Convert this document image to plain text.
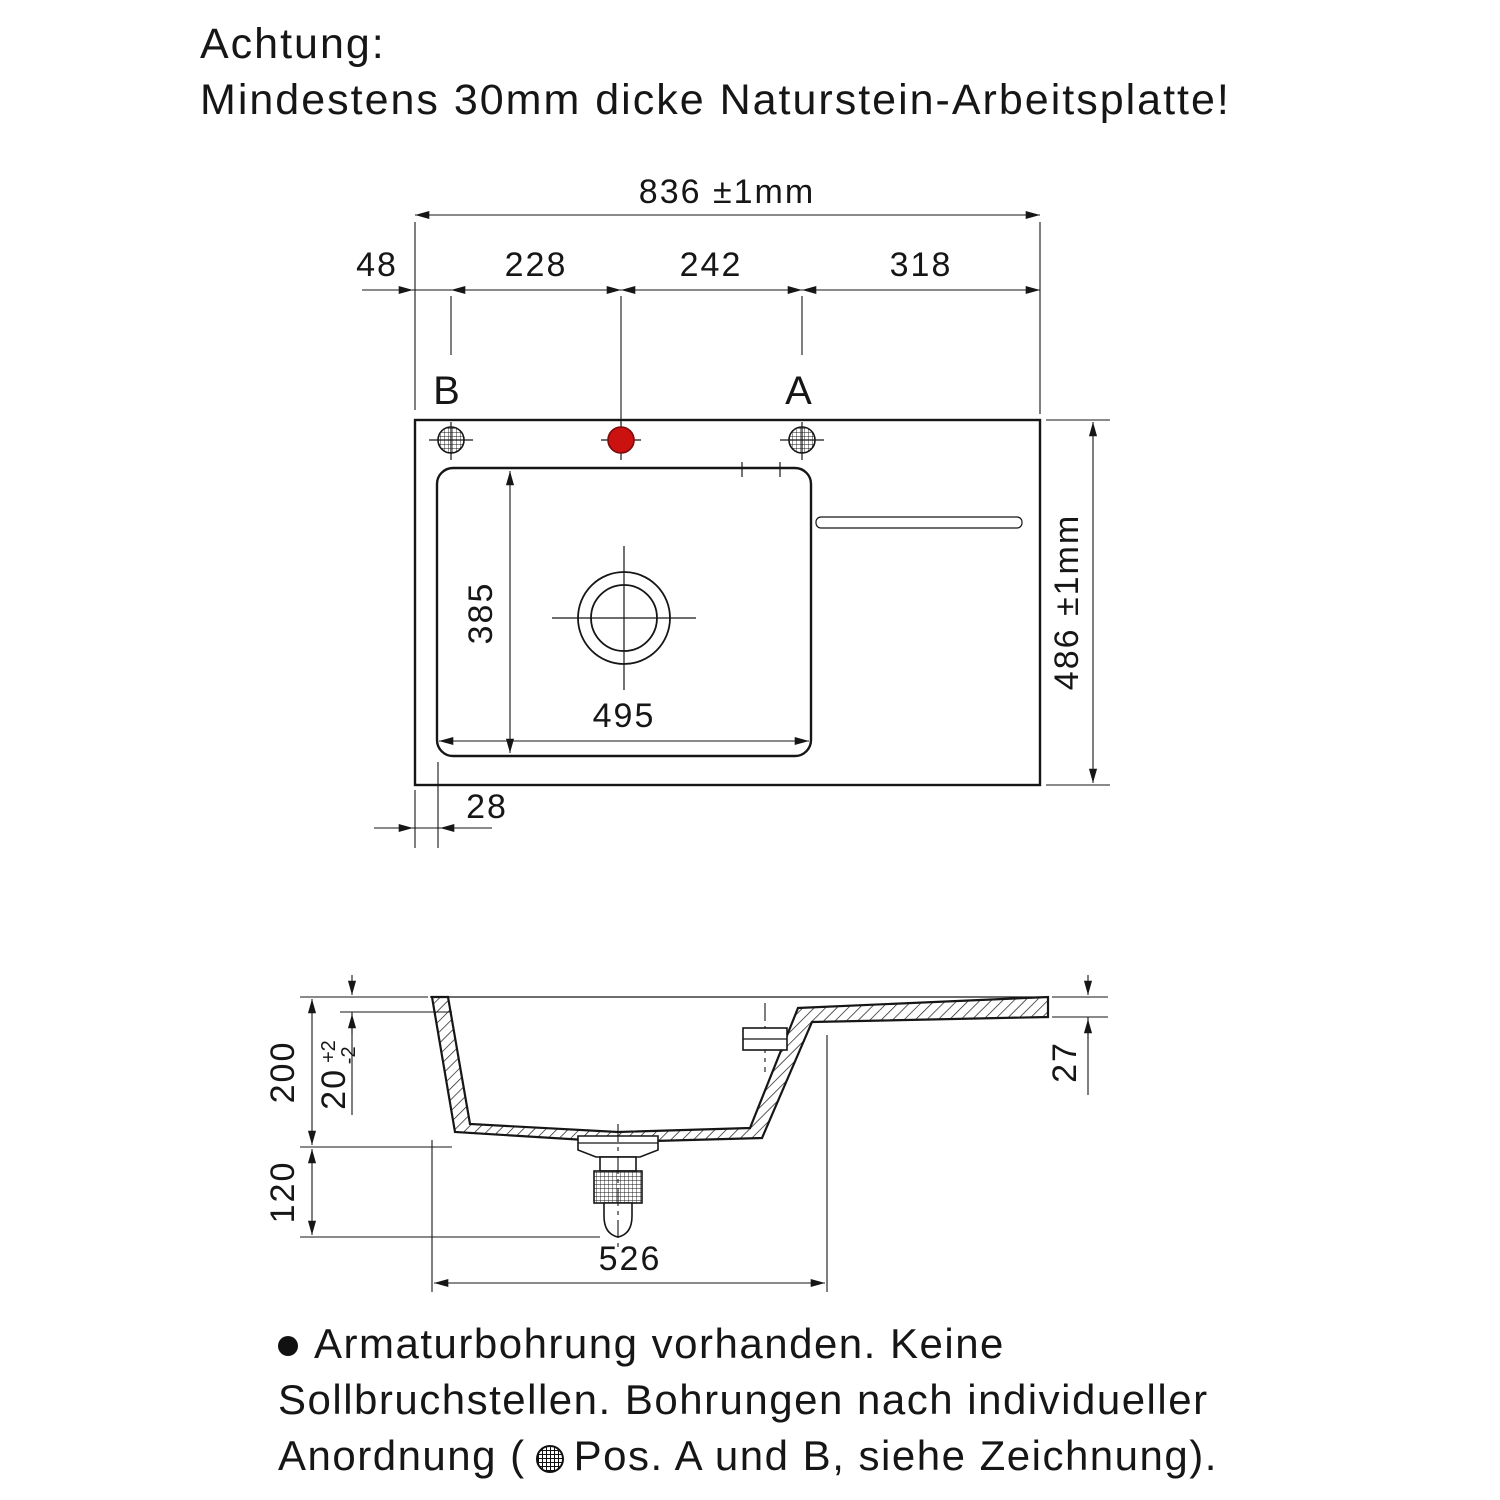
Achtung:
Mindestens 30mm dicke Naturstein-Arbeitsplatte!
B	A
836 ±1mm
48	228	242	318
486 ±1mm
385
495
28
200 $20^{+2}-2$
120
27
526
Armaturbohrung vorhanden. Keine
Sollbruchstellen. Bohrungen nach individueller
Anordnung ( Pos. A und B, siehe Zeichnung).
